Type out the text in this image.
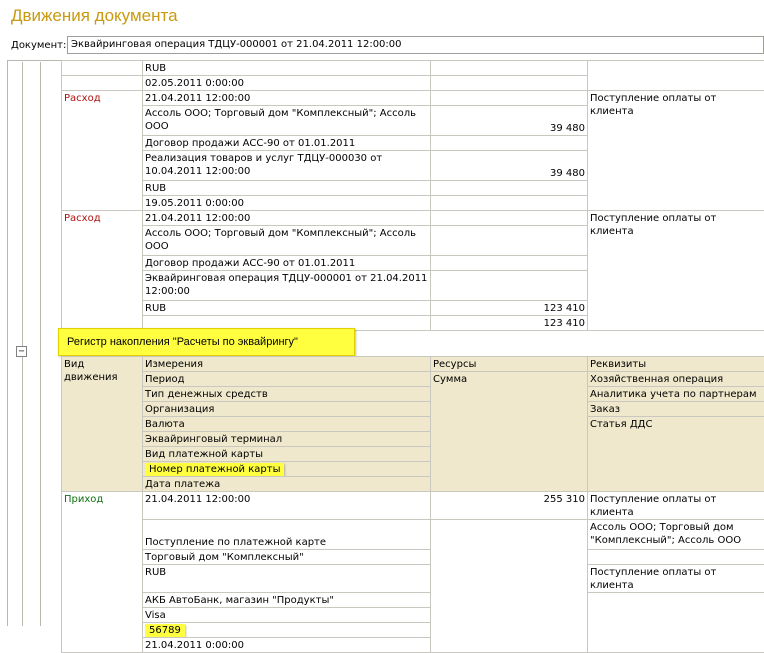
Движения документа
Документ: Эквайринговая операция ТДЦУ-000001 от 21.04.2011 12:00:00
−
	RUB		
	02.05.2011 0:00:00		
Расход	21.04.2011 12:00:00		Поступление оплаты от клиента
	Ассоль ООО; Торговый дом "Комплексный"; Ассоль ООО	39 480	
	Договор продажи АСС-90 от 01.01.2011		
	Реализация товаров и услуг ТДЦУ-000030 от 10.04.2011 12:00:00	39 480	
	RUB		
	19.05.2011 0:00:00		
Расход	21.04.2011 12:00:00		Поступление оплаты от клиента
	Ассоль ООО; Торговый дом "Комплексный"; Ассоль ООО		
	Договор продажи АСС-90 от 01.01.2011		
	Эквайринговая операция ТДЦУ-000001 от 21.04.2011 12:00:00		
	RUB	123 410	
		123 410	
Регистр накопления "Расчеты по эквайрингу"
Вид движения	Измерения	Ресурсы	Реквизиты
	Период	Сумма	Хозяйственная операция
	Тип денежных средств		Аналитика учета по партнерам
	Организация		Заказ
	Валюта		Статья ДДС
	Эквайринговый терминал		
	Вид платежной карты		
	Номер платежной карты		
	Дата платежа		
Приход	21.04.2011 12:00:00	255 310	Поступление оплаты от клиента
	Поступление по платежной карте		Ассоль ООО; Торговый дом "Комплексный"; Ассоль ООО
	Торговый дом "Комплексный"		
	RUB		Поступление оплаты от клиента
	АКБ АвтоБанк, магазин "Продукты"		
	Visa		
	56789		
	21.04.2011 0:00:00		
